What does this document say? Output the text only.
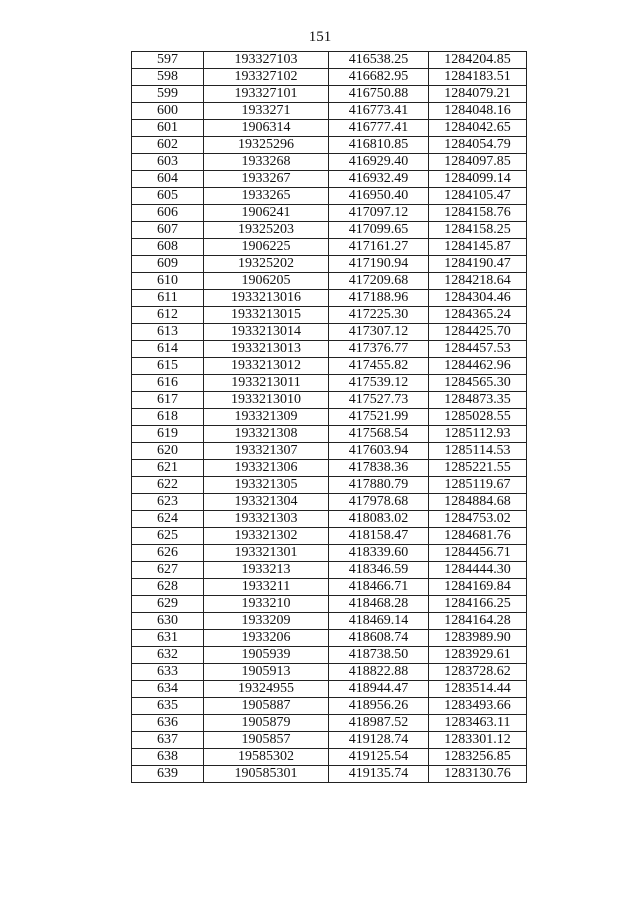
151
597	193327103	416538.25	1284204.85
598	193327102	416682.95	1284183.51
599	193327101	416750.88	1284079.21
600	1933271	416773.41	1284048.16
601	1906314	416777.41	1284042.65
602	19325296	416810.85	1284054.79
603	1933268	416929.40	1284097.85
604	1933267	416932.49	1284099.14
605	1933265	416950.40	1284105.47
606	1906241	417097.12	1284158.76
607	19325203	417099.65	1284158.25
608	1906225	417161.27	1284145.87
609	19325202	417190.94	1284190.47
610	1906205	417209.68	1284218.64
611	1933213016	417188.96	1284304.46
612	1933213015	417225.30	1284365.24
613	1933213014	417307.12	1284425.70
614	1933213013	417376.77	1284457.53
615	1933213012	417455.82	1284462.96
616	1933213011	417539.12	1284565.30
617	1933213010	417527.73	1284873.35
618	193321309	417521.99	1285028.55
619	193321308	417568.54	1285112.93
620	193321307	417603.94	1285114.53
621	193321306	417838.36	1285221.55
622	193321305	417880.79	1285119.67
623	193321304	417978.68	1284884.68
624	193321303	418083.02	1284753.02
625	193321302	418158.47	1284681.76
626	193321301	418339.60	1284456.71
627	1933213	418346.59	1284444.30
628	1933211	418466.71	1284169.84
629	1933210	418468.28	1284166.25
630	1933209	418469.14	1284164.28
631	1933206	418608.74	1283989.90
632	1905939	418738.50	1283929.61
633	1905913	418822.88	1283728.62
634	19324955	418944.47	1283514.44
635	1905887	418956.26	1283493.66
636	1905879	418987.52	1283463.11
637	1905857	419128.74	1283301.12
638	19585302	419125.54	1283256.85
639	190585301	419135.74	1283130.76
